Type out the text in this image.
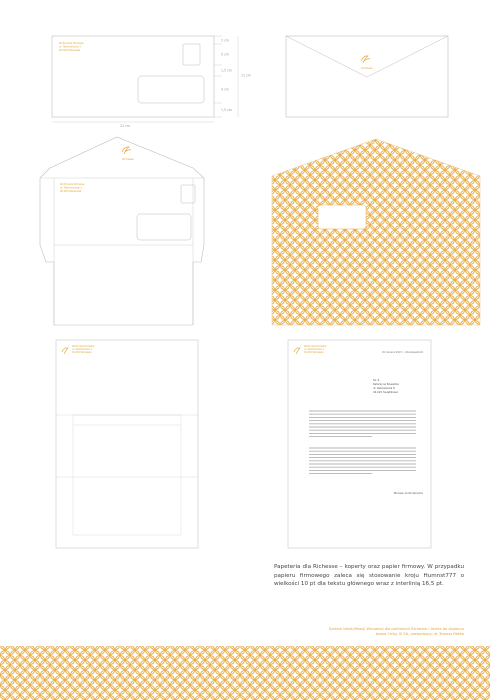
Perfumeria Richesse
ul. Tatarowiczów 2
00-000 Warszawa
2 cm
5 cm
1,5 cm
4 cm
1,5 cm
11 cm
22 cm
Richesse
Richesse
Perfumeria Richesse
ul. Tatarowiczów 2
00-000 Warszawa
Perfumeria Richesse
ul. Tatarowiczów 2
00-000 Warszawa
Perfumeria Richesse
ul. Tatarowiczów 2
00-000 Warszawa	20 czerwca 2013 r., Warszawa/Łódź
Sz. P.
Katarzyna Nowakka
ul. Rakowiecka 8
42-022 Świętlikowo
Monsieur André Spinoloni
Papeteria dla Richesse – koperty oraz papier firmowy. W przypadku papieru firmowego zaleca się stosowanie kroju Humnst777 o wielkości 10 pt dla tekstu głównego wraz z interlinią 16,5 pt.
System Identyfikacji Wizualnej dla perfumerii Richesse / Aneks do dyplomu
Iwona Cirlig, III SA, prowadzący: dr Tomasz Różka
